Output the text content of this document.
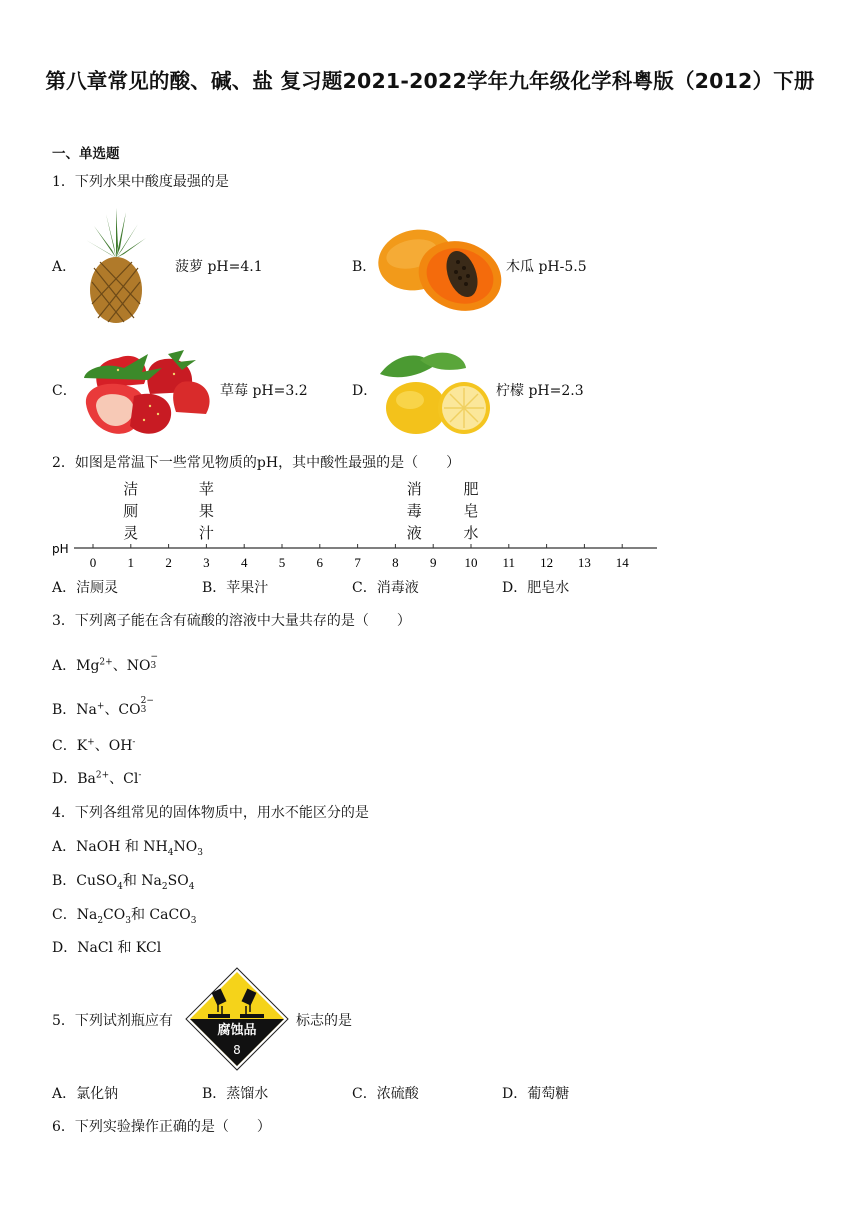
第八章常见的酸、碱、盐 复习题2021-2022学年九年级化学科粤版（2012）下册
一、单选题
1．下列水果中酸度最强的是
A．	菠萝 pH=4.1	B．	木瓜 pH-5.5
C．	草莓 pH=3.2	D．	柠檬 pH=2.3
2．如图是常温下一些常见物质的pH，其中酸性最强的是（　　）
pH
0 1 2 3 4 5 6 7 8 9 10 11 12 13 14
洁厕灵
苹果汁
消毒液
肥皂水
A．洁厕灵	B．苹果汁	C．消毒液	D．肥皂水
3．下列离子能在含有硫酸的溶液中大量共存的是（　　）
A．$Mg^{2+}$、NO
−
3
B．Na+、CO
2−
3
C．K+、OH-
D．$Ba^{2+}$、Cl-
4．下列各组常见的固体物质中，用水不能区分的是
A．NaOH 和 $NH_4NO_3$
B．CuSO$_4$和 $Na_2SO_4$
C．$Na_2CO_3$和 CaCO$_3$
D．NaCl 和 KCl
5．下列试剂瓶应有
腐蚀品
8
标志的是
A．氯化钠	B．蒸馏水	C．浓硫酸	D．葡萄糖
6．下列实验操作正确的是（　　）
